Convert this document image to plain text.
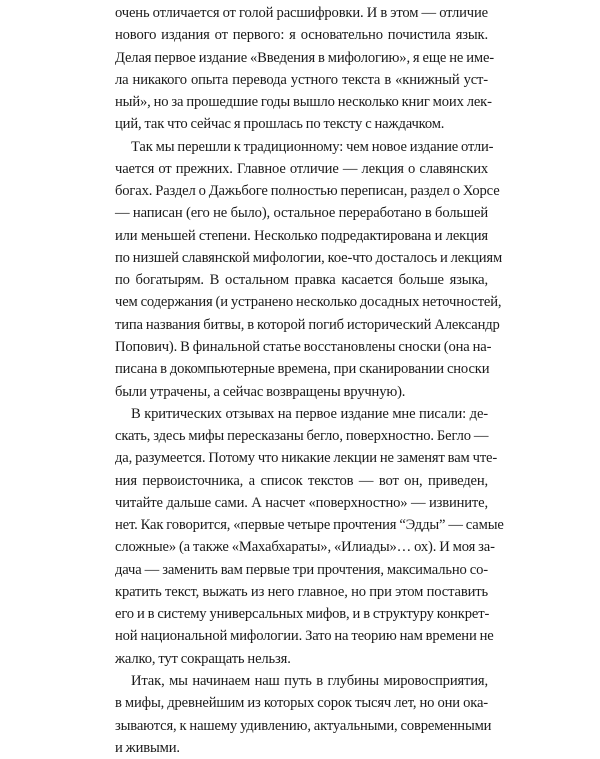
очень отличается от голой расшифровки. И в этом — отличие
нового издания от первого: я основательно почистила язык.
Делая первое издание «Введения в мифологию», я еще не име-
ла никакого опыта перевода устного текста в «книжный уст-
ный», но за прошедшие годы вышло несколько книг моих лек-
ций, так что сейчас я прошлась по тексту с наждачком.
Так мы перешли к традиционному: чем новое издание отли-
чается от прежних. Главное отличие — лекция о славянских
богах. Раздел о Дажьбоге полностью переписан, раздел о Хорсе
— написан (его не было), остальное переработано в большей
или меньшей степени. Несколько подредактирована и лекция
по низшей славянской мифологии, кое-что досталось и лекциям
по богатырям. В остальном правка касается больше языка,
чем содержания (и устранено несколько досадных неточностей,
типа названия битвы, в которой погиб исторический Александр
Попович). В финальной статье восстановлены сноски (она на-
писана в докомпьютерные времена, при сканировании сноски
были утрачены, а сейчас возвращены вручную).
В критических отзывах на первое издание мне писали: де-
скать, здесь мифы пересказаны бегло, поверхностно. Бегло —
да, разумеется. Потому что никакие лекции не заменят вам чте-
ния первоисточника, а список текстов — вот он, приведен,
читайте дальше сами. А насчет «поверхностно» — извините,
нет. Как говорится, «первые четыре прочтения “Эдды” — самые
сложные» (а также «Махабхараты», «Илиады»… ох). И моя за-
дача — заменить вам первые три прочтения, максимально со-
кратить текст, выжать из него главное, но при этом поставить
его и в систему универсальных мифов, и в структуру конкрет-
ной национальной мифологии. Зато на теорию нам времени не
жалко, тут сокращать нельзя.
Итак, мы начинаем наш путь в глубины мировосприятия,
в мифы, древнейшим из которых сорок тысяч лет, но они ока-
зываются, к нашему удивлению, актуальными, современными
и живыми.
